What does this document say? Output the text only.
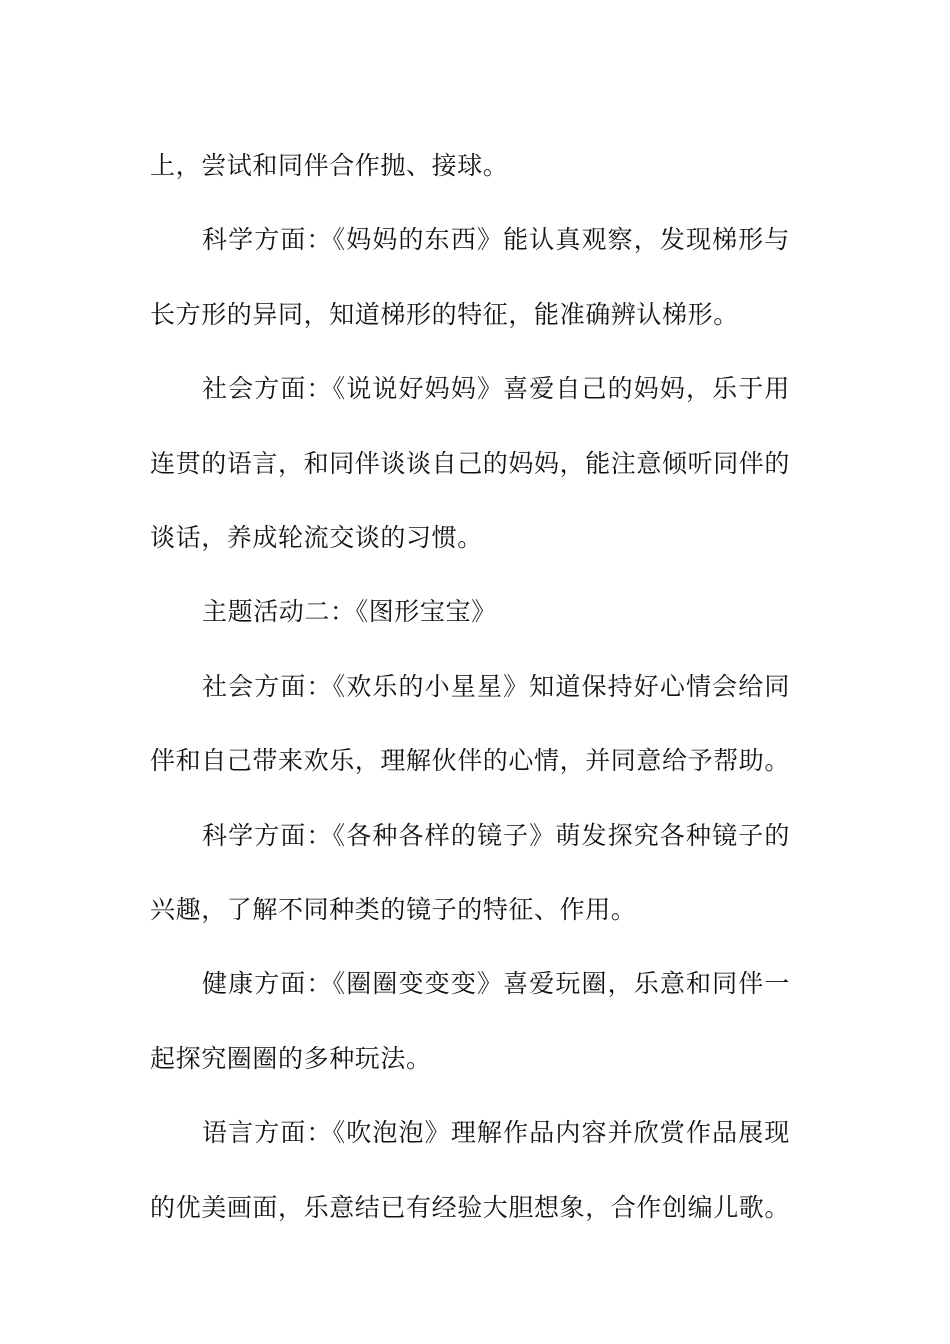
上，尝试和同伴合作抛、接球。

科学方面：《妈妈的东西》能认真观察，发现梯形与长方形的异同，知道梯形的特征，能准确辨认梯形。

社会方面：《说说好妈妈》喜爱自己的妈妈，乐于用连贯的语言，和同伴谈谈自己的妈妈，能注意倾听同伴的谈话，养成轮流交谈的习惯。

主题活动二：《图形宝宝》

社会方面：《欢乐的小星星》知道保持好心情会给同伴和自己带来欢乐，理解伙伴的心情，并同意给予帮助。

科学方面：《各种各样的镜子》萌发探究各种镜子的兴趣，了解不同种类的镜子的特征、作用。

健康方面：《圈圈变变变》喜爱玩圈，乐意和同伴一起探究圈圈的多种玩法。

语言方面：《吹泡泡》理解作品内容并欣赏作品展现的优美画面，乐意结已有经验大胆想象，合作创编儿歌。
